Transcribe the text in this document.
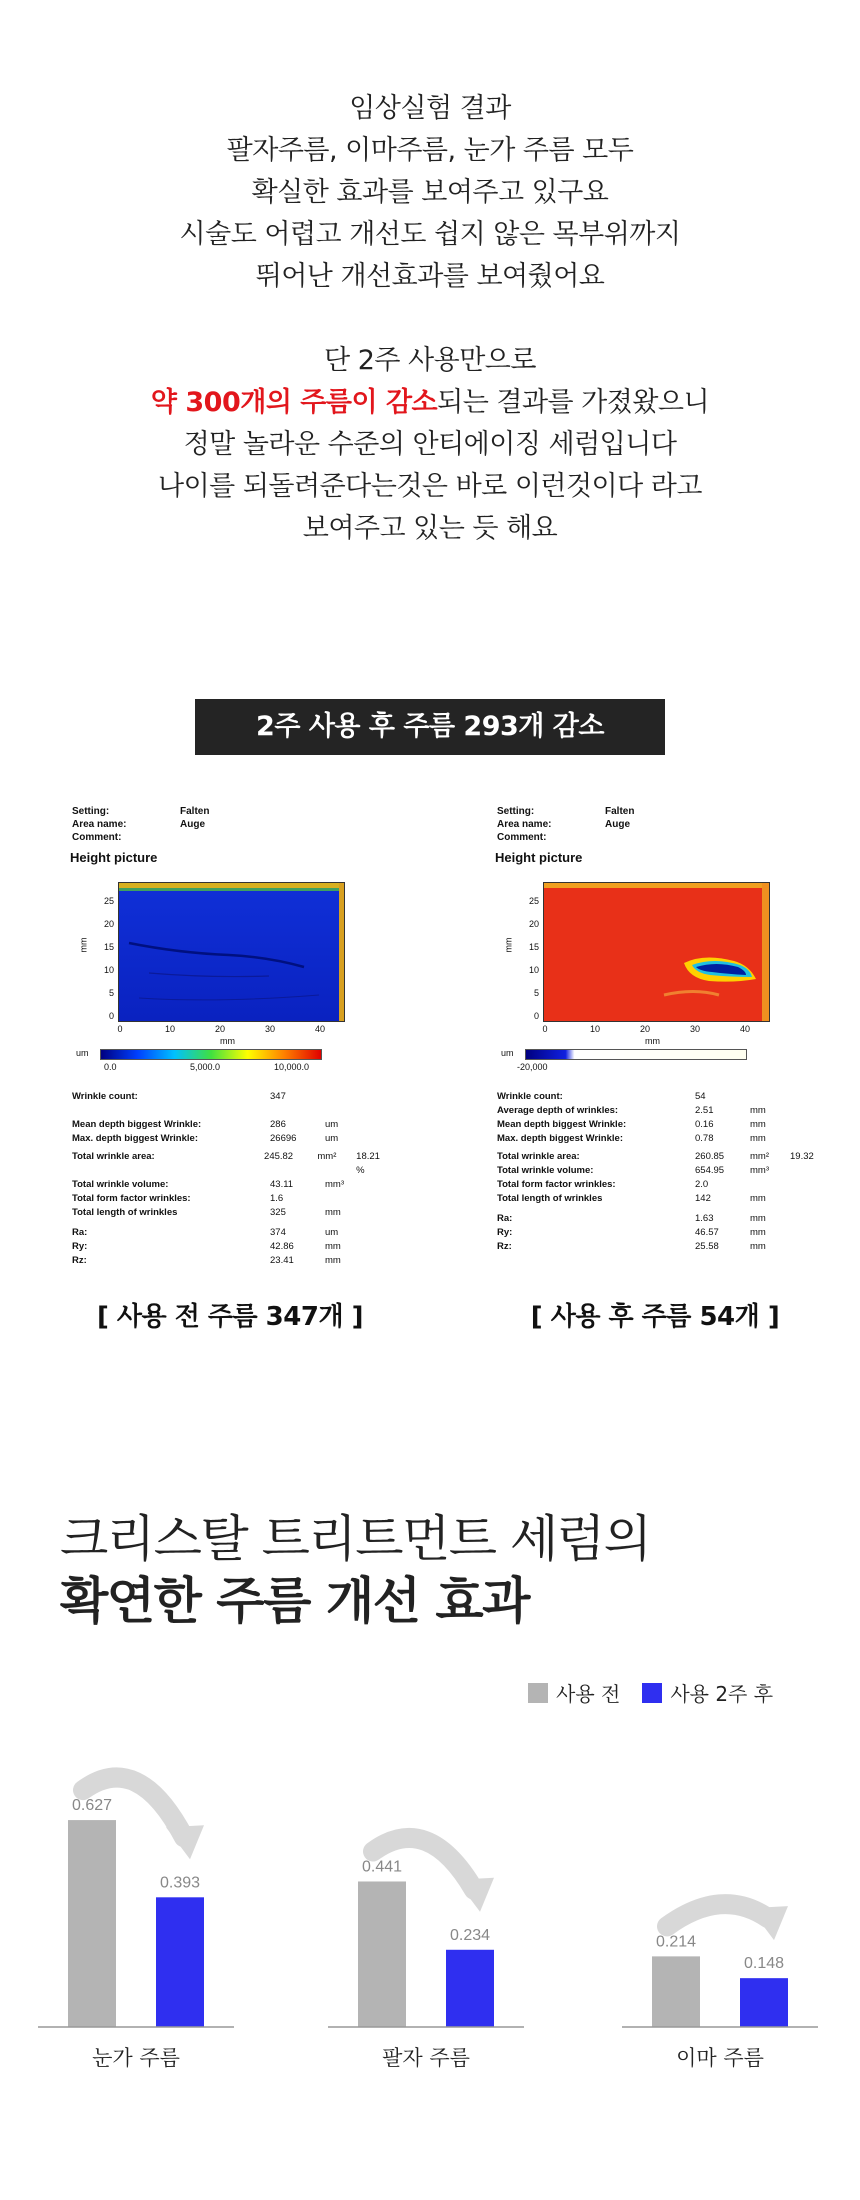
임상실험 결과

팔자주름, 이마주름, 눈가 주름 모두

확실한 효과를 보여주고 있구요

시술도 어렵고 개선도 쉽지 않은 목부위까지

뛰어난 개선효과를 보여줬어요

단 2주 사용만으로

약 300개의 주름이 감소되는 결과를 가졌왔으니

정말 놀라운 수준의 안티에이징 세럼입니다

나이를 되돌려준다는것은 바로 이런것이다 라고

보여주고 있는 듯 해요

2주 사용 후 주름 293개 감소
Setting:	Falten
Area name:	Auge
Comment:
Height picture
mm
25
20
15
10
5
0
0	10	20	30	40
mm
um
0.0	5,000.0	10,000.0
Wrinkle count:	347
Mean depth biggest Wrinkle:	286	um
Max. depth biggest Wrinkle:	26696	um
Total wrinkle area:	245.82	mm²	18.21 %
Total wrinkle volume:	43.11	mm³
Total form factor wrinkles:	1.6
Total length of wrinkles	325	mm
Ra:	374	um
Ry:	42.86	mm
Rz:	23.41	mm
Setting:	Falten
Area name:	Auge
Comment:
Height picture
mm
25
20
15
10
5
0
0	10	20	30	40
mm
um
-20,000
Wrinkle count:	54
Average depth of wrinkles:	2.51	mm
Mean depth biggest Wrinkle:	0.16	mm
Max. depth biggest Wrinkle:	0.78	mm
Total wrinkle area:	260.85	mm²	19.32
Total wrinkle volume:	654.95	mm³
Total form factor wrinkles:	2.0
Total length of wrinkles	142	mm
Ra:	1.63	mm
Ry:	46.57	mm
Rz:	25.58	mm
[ 사용 전 주름 347개 ]	[ 사용 후 주름 54개 ]
크리스탈 트리트먼트 세럼의
확연한 주름 개선 효과
사용 전	사용 2주 후
0.627
0.393
눈가 주름
0.441
0.234
팔자 주름
0.214
0.148
이마 주름
